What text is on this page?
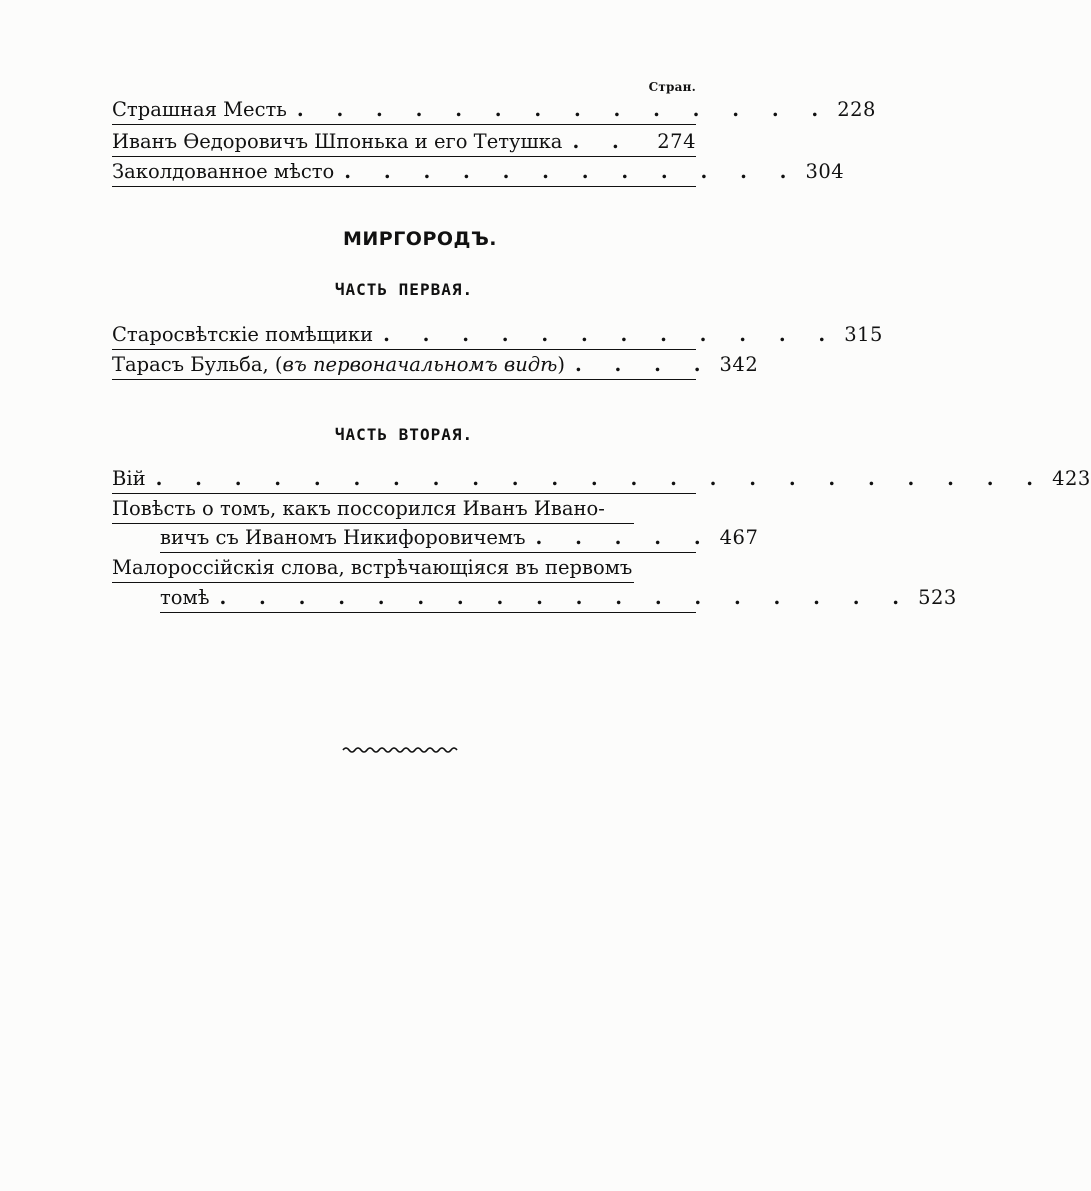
Стран.
Страшная Месть . . . . . . . . . . . . . . 228
Иванъ Ѳедоровичъ Шпонька и его Тетушка . .	274
Заколдованное мѣсто . . . . . . . . . . . . 304
МИРГОРОДЪ.
ЧАСТЬ ПЕРВАЯ.
Старосвѣтскіе помѣщики . . . . . . . . . . . . 315
Тарасъ Бульба, (въ первоначальномъ видѣ) . . . . 342
ЧАСТЬ ВТОРАЯ.
Вій . . . . . . . . . . . . . . . . . . . . . . . 423
Повѣсть о томъ, какъ поссорился Иванъ Ивано-
вичъ съ Иваномъ Никифоровичемъ . . . . . 467
Малороссійскія слова, встрѣчающіяся въ первомъ
томѣ . . . . . . . . . . . . . . . . . . 523
